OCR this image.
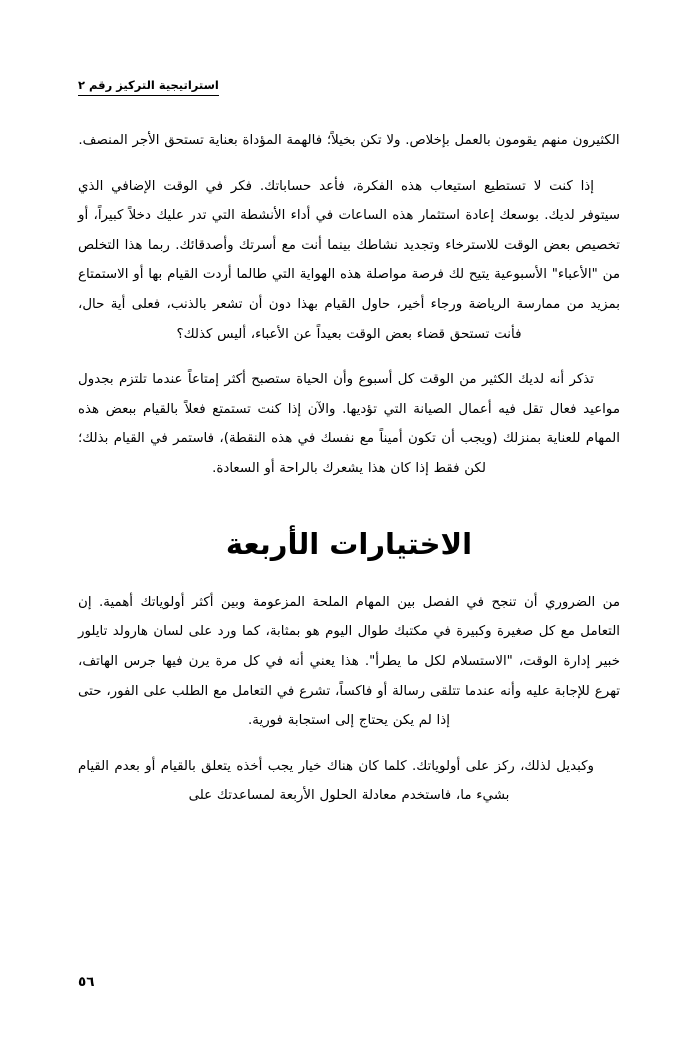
استراتيجية التركيز رقم ٢

الكثيرون منهم يقومون بالعمل بإخلاص. ولا تكن بخيلاً؛ فالهمة المؤداة بعناية تستحق الأجر المنصف.

إذا كنت لا تستطيع استيعاب هذه الفكرة، فأعد حساباتك. فكر في الوقت الإضافي الذي سيتوفر لديك. بوسعك إعادة استثمار هذه الساعات في أداء الأنشطة التي تدر عليك دخلاً كبيراً، أو تخصيص بعض الوقت للاسترخاء وتجديد نشاطك بينما أنت مع أسرتك وأصدقائك. ربما هذا التخلص من "الأعباء" الأسبوعية يتيح لك فرصة مواصلة هذه الهواية التي طالما أردت القيام بها أو الاستمتاع بمزيد من ممارسة الرياضة ورجاء أخير، حاول القيام بهذا دون أن تشعر بالذنب، فعلى أية حال، فأنت تستحق قضاء بعض الوقت بعيداً عن الأعباء، أليس كذلك؟

تذكر أنه لديك الكثير من الوقت كل أسبوع وأن الحياة ستصبح أكثر إمتاعاً عندما تلتزم بجدول مواعيد فعال تقل فيه أعمال الصيانة التي تؤديها. والآن إذا كنت تستمتع فعلاً بالقيام ببعض هذه المهام للعناية بمنزلك (ويجب أن تكون أميناً مع نفسك في هذه النقطة)، فاستمر في القيام بذلك؛ لكن فقط إذا كان هذا يشعرك بالراحة أو السعادة.

الاختيارات الأربعة

من الضروري أن تنجح في الفصل بين المهام الملحة المزعومة وبين أكثر أولوياتك أهمية. إن التعامل مع كل صغيرة وكبيرة في مكتبك طوال اليوم هو بمثابة، كما ورد على لسان هارولد تايلور خبير إدارة الوقت، "الاستسلام لكل ما يطرأ". هذا يعني أنه في كل مرة يرن فيها جرس الهاتف، تهرع للإجابة عليه وأنه عندما تتلقى رسالة أو فاكساً، تشرع في التعامل مع الطلب على الفور، حتى إذا لم يكن يحتاج إلى استجابة فورية.

وكبديل لذلك، ركز على أولوياتك. كلما كان هناك خيار يجب أخذه يتعلق بالقيام أو بعدم القيام بشيء ما، فاستخدم معادلة الحلول الأربعة لمساعدتك على

٥٦
